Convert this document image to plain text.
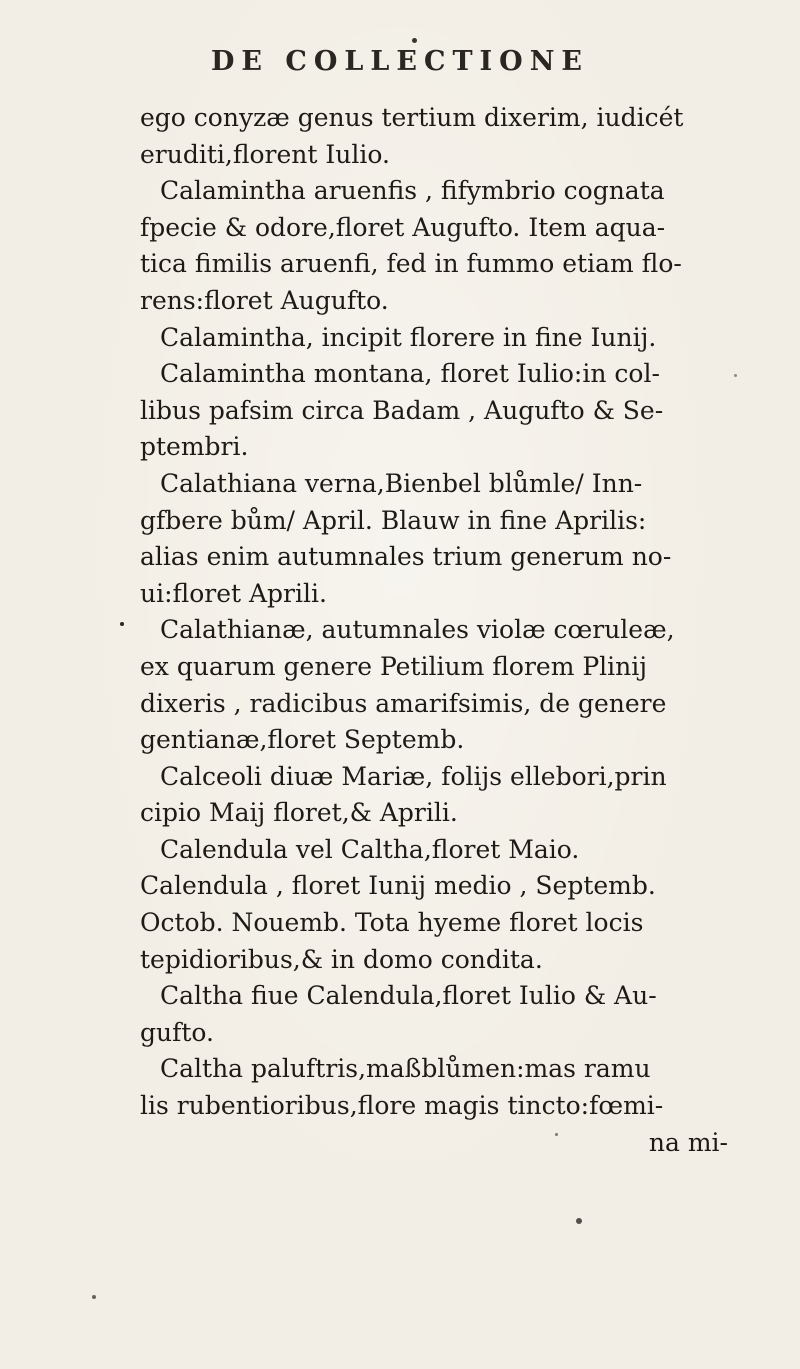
DE COLLECTIONE
ego conyzæ genus tertium dixerim, iudicét
eruditi,florent Iulio.
Calamintha aruenfis , fifymbrio cognata
fpecie & odore,floret Augufto. Item aqua-
tica fimilis aruenfi, fed in fummo etiam flo-
rens:floret Augufto.
Calamintha, incipit florere in fine Iunij.
Calamintha montana, floret Iulio:in col-
libus pafsim circa Badam , Augufto & Se-
ptembri.
Calathiana verna,Bienbel blůmle/ Inn-
gfbere bům/ April. Blauw in fine Aprilis:
alias enim autumnales trium generum no-
ui:floret Aprili.
Calathianæ, autumnales violæ cœruleæ,
ex quarum genere Petilium florem Plinij
dixeris , radicibus amarifsimis, de genere
gentianæ,floret Septemb.
Calceoli diuæ Mariæ, folijs ellebori,prin
cipio Maij floret,& Aprili.
Calendula vel Caltha,floret Maio.
Calendula , floret Iunij medio , Septemb.
Octob. Nouemb. Tota hyeme floret locis
tepidioribus,& in domo condita.
Caltha fiue Calendula,floret Iulio & Au-
gufto.
Caltha paluftris,maßblůmen:mas ramu
lis rubentioribus,flore magis tincto:fœmi-
na mi-
